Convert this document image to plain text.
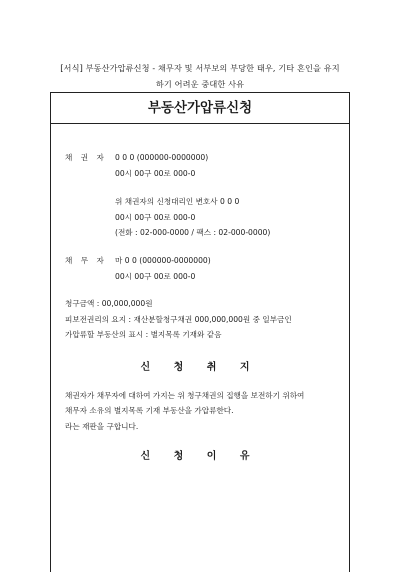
[서식] 부동산가압류신청 - 채무자 및 서부보의 부당한 태우, 기타 혼인을 유지
하기 어려운 중대한 사유
부동산가압류신청
채 권 자 0 0 0 (000000-0000000)
00시 00구 00로 000-0
위 채권자의 신청대리인 변호사 0 0 0
00시 00구 00로 000-0
(전화 : 02-000-0000 / 팩스 : 02-000-0000)
채 무 자 마 0 0 (000000-0000000)
00시 00구 00로 000-0
청구금액 : 00,000,000원
피보전권리의 요지 : 재산분할청구채권 000,000,000원 중 일부금인
가압류할 부동산의 표시 : 별지목록 기재와 같음
신 청 취 지
채권자가 채무자에 대하여 가지는 위 청구채권의 집행을 보전하기 위하여
채무자 소유의 별지목록 기재 부동산을 가압류한다.
라는 재판을 구합니다.
신 청 이 유
